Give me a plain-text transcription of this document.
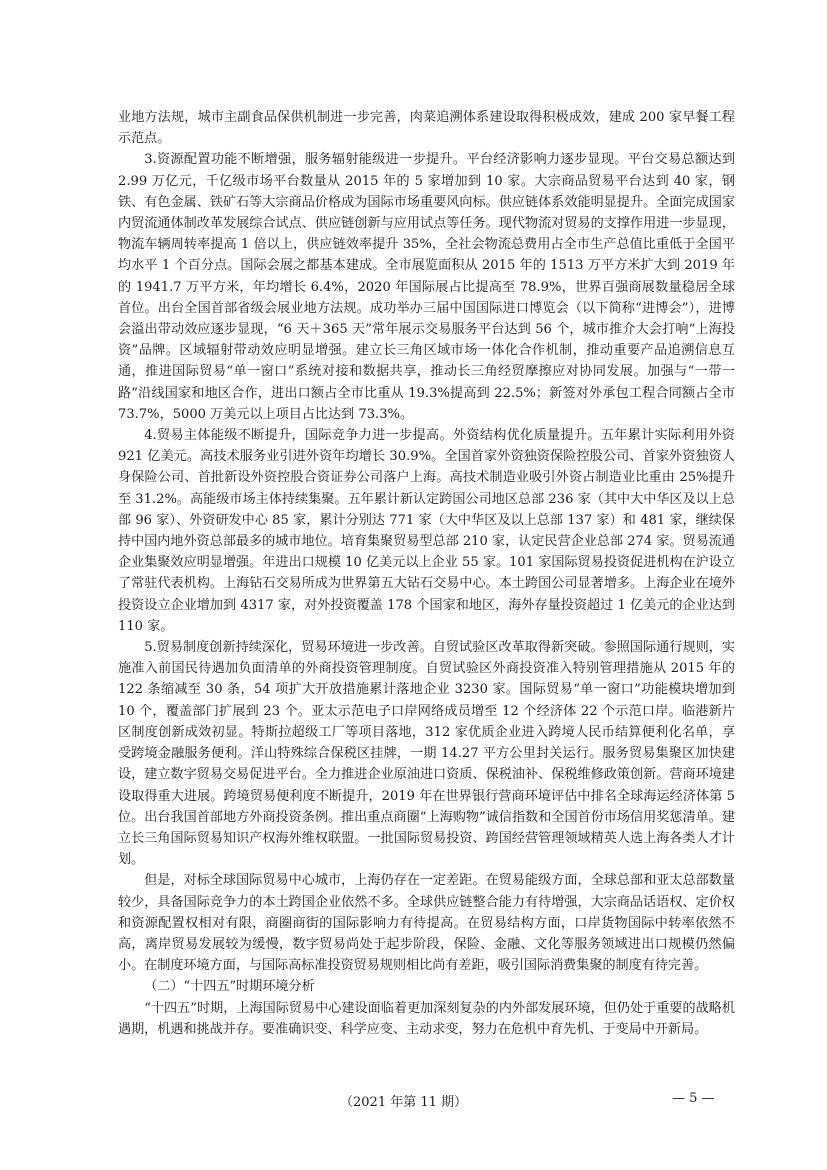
业地方法规，城市主副食品保供机制进一步完善，肉菜追溯体系建设取得积极成效，建成 200 家早餐工程示范点。

3.资源配置功能不断增强，服务辐射能级进一步提升。平台经济影响力逐步显现。平台交易总额达到 2.99 万亿元，千亿级市场平台数量从 2015 年的 5 家增加到 10 家。大宗商品贸易平台达到 40 家，钢铁、有色金属、铁矿石等大宗商品价格成为国际市场重要风向标。供应链体系效能明显提升。全面完成国家内贸流通体制改革发展综合试点、供应链创新与应用试点等任务。现代物流对贸易的支撑作用进一步显现，物流车辆周转率提高 1 倍以上，供应链效率提升 35%，全社会物流总费用占全市生产总值比重低于全国平均水平 1 个百分点。国际会展之都基本建成。全市展览面积从 2015 年的 1513 万平方米扩大到 2019 年的 1941.7 万平方米，年均增长 6.4%，2020 年国际展占比提高至 78.9%，世界百强商展数量稳居全球首位。出台全国首部省级会展业地方法规。成功举办三届中国国际进口博览会（以下简称“进博会”），进博会溢出带动效应逐步显现，“6 天＋365 天”常年展示交易服务平台达到 56 个，城市推介大会打响“上海投资”品牌。区域辐射带动效应明显增强。建立长三角区域市场一体化合作机制，推动重要产品追溯信息互通，推进国际贸易“单一窗口”系统对接和数据共享，推动长三角经贸摩擦应对协同发展。加强与“一带一路”沿线国家和地区合作，进出口额占全市比重从 19.3%提高到 22.5%；新签对外承包工程合同额占全市 73.7%，5000 万美元以上项目占比达到 73.3%。

4.贸易主体能级不断提升，国际竞争力进一步提高。外资结构优化质量提升。五年累计实际利用外资 921 亿美元。高技术服务业引进外资年均增长 30.9%。全国首家外资独资保险控股公司、首家外资独资人身保险公司、首批新设外资控股合资证券公司落户上海。高技术制造业吸引外资占制造业比重由 25%提升至 31.2%。高能级市场主体持续集聚。五年累计新认定跨国公司地区总部 236 家（其中大中华区及以上总部 96 家）、外资研发中心 85 家，累计分别达 771 家（大中华区及以上总部 137 家）和 481 家，继续保持中国内地外资总部最多的城市地位。培育集聚贸易型总部 210 家，认定民营企业总部 274 家。贸易流通企业集聚效应明显增强。年进出口规模 10 亿美元以上企业 55 家。101 家国际贸易投资促进机构在沪设立了常驻代表机构。上海钻石交易所成为世界第五大钻石交易中心。本土跨国公司显著增多。上海企业在境外投资设立企业增加到 4317 家，对外投资覆盖 178 个国家和地区，海外存量投资超过 1 亿美元的企业达到 110 家。

5.贸易制度创新持续深化，贸易环境进一步改善。自贸试验区改革取得新突破。参照国际通行规则，实施准入前国民待遇加负面清单的外商投资管理制度。自贸试验区外商投资准入特别管理措施从 2015 年的 122 条缩减至 30 条，54 项扩大开放措施累计落地企业 3230 家。国际贸易“单一窗口”功能模块增加到 10 个，覆盖部门扩展到 23 个。亚太示范电子口岸网络成员增至 12 个经济体 22 个示范口岸。临港新片区制度创新成效初显。特斯拉超级工厂等项目落地，312 家优质企业进入跨境人民币结算便利化名单，享受跨境金融服务便利。洋山特殊综合保税区挂牌，一期 14.27 平方公里封关运行。服务贸易集聚区加快建设，建立数字贸易交易促进平台。全力推进企业原油进口资质、保税油补、保税维修政策创新。营商环境建设取得重大进展。跨境贸易便利度不断提升，2019 年在世界银行营商环境评估中排名全球海运经济体第 5 位。出台我国首部地方外商投资条例。推出重点商圈“上海购物”诚信指数和全国首份市场信用奖惩清单。建立长三角国际贸易知识产权海外维权联盟。一批国际贸易投资、跨国经营管理领域精英人选上海各类人才计划。

但是，对标全球国际贸易中心城市，上海仍存在一定差距。在贸易能级方面，全球总部和亚太总部数量较少，具备国际竞争力的本土跨国企业依然不多。全球供应链整合能力有待增强，大宗商品话语权、定价权和资源配置权相对有限，商圈商街的国际影响力有待提高。在贸易结构方面，口岸货物国际中转率依然不高，离岸贸易发展较为缓慢，数字贸易尚处于起步阶段，保险、金融、文化等服务领域进出口规模仍然偏小。在制度环境方面，与国际高标准投资贸易规则相比尚有差距，吸引国际消费集聚的制度有待完善。

（二）“十四五”时期环境分析

“十四五”时期，上海国际贸易中心建设面临着更加深刻复杂的内外部发展环境，但仍处于重要的战略机遇期，机遇和挑战并存。要准确识变、科学应变、主动求变，努力在危机中育先机、于变局中开新局。

（2021 年第 11 期）	— 5 —
